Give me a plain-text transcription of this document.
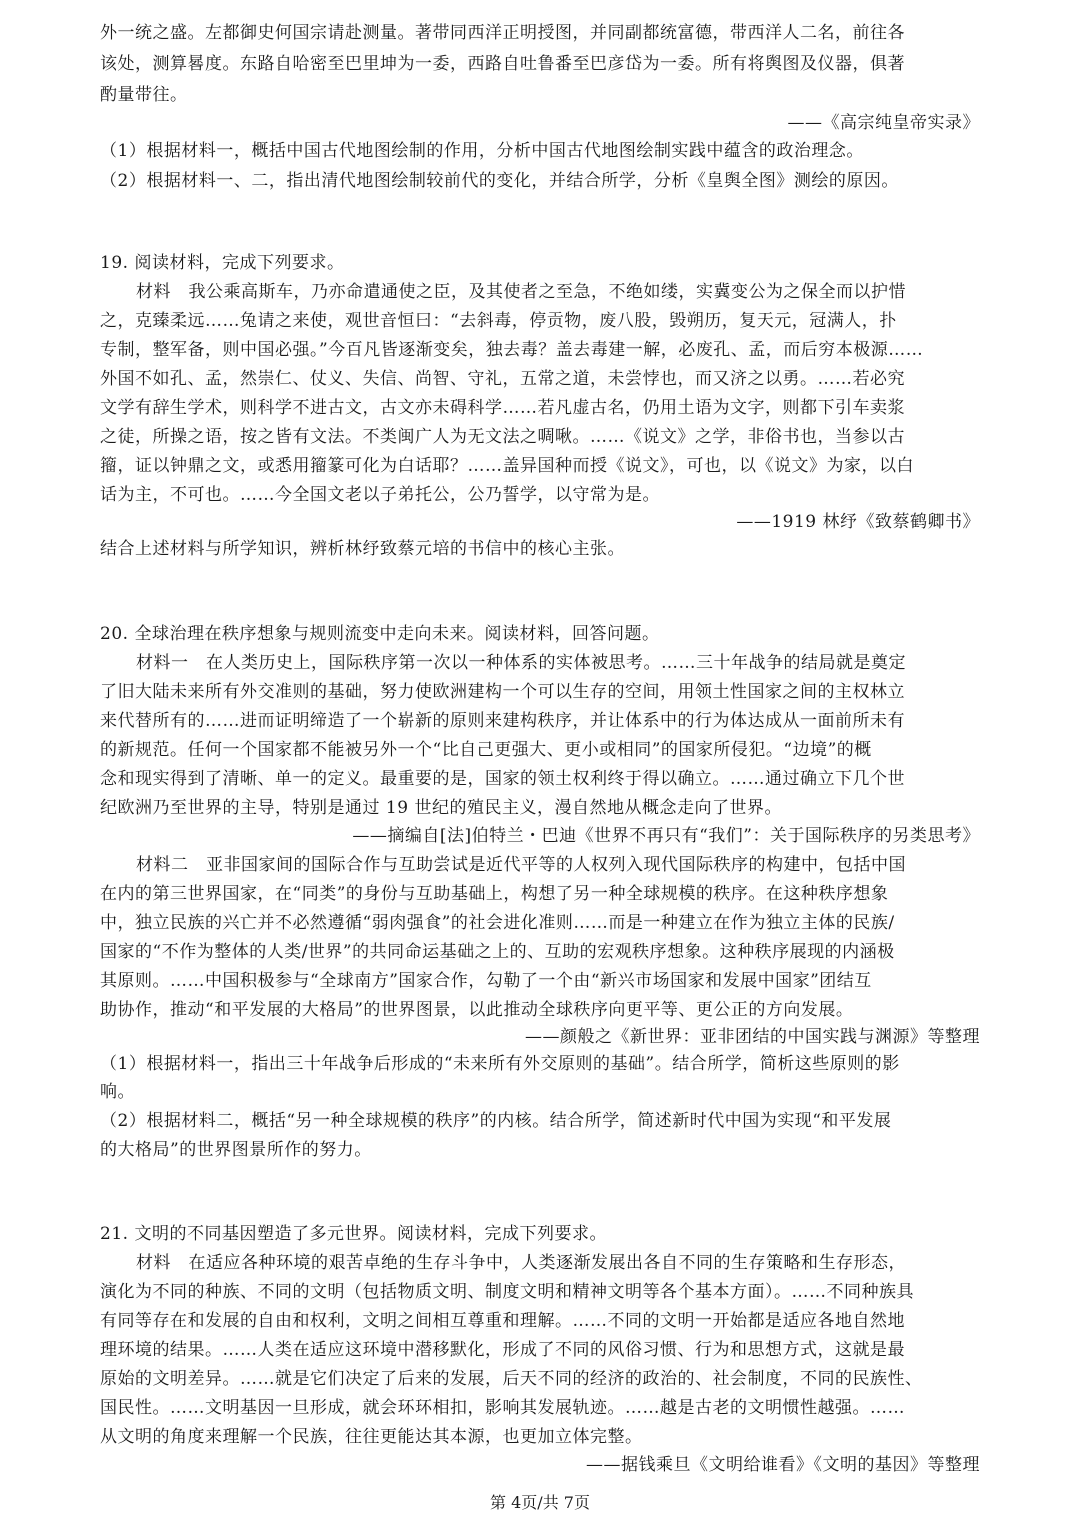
外一统之盛。左都御史何国宗请赴测量。著带同西洋正明授图，并同副都统富德，带西洋人二名，前往各
该处，测算晷度。东路自哈密至巴里坤为一委，西路自吐鲁番至巴彦岱为一委。所有将舆图及仪器，俱著
酌量带往。
——《高宗纯皇帝实录》
（1）根据材料一，概括中国古代地图绘制的作用，分析中国古代地图绘制实践中蕴含的政治理念。
（2）根据材料一、二，指出清代地图绘制较前代的变化，并结合所学，分析《皇舆全图》测绘的原因。
19. 阅读材料，完成下列要求。
材料　我公乘高斯车，乃亦命遣通使之臣，及其使者之至急，不绝如缕，实冀变公为之保全而以护惜
之，克臻柔远……兔请之来使，观世音恒曰：“去斜毒，停贡物，废八股，毁朔历，复天元，冠满人，扑
专制，整军备，则中国必强。”今百凡皆逐渐变矣，独去毒？盖去毒建一解，必废孔、孟，而后穷本极源……
外国不如孔、孟，然崇仁、仗义、失信、尚智、守礼，五常之道，未尝悖也，而又济之以勇。……若必究
文学有辞生学术，则科学不进古文，古文亦未碍科学……若凡虚古名，仍用土语为文字，则都下引车卖浆
之徒，所操之语，按之皆有文法。不类闽广人为无文法之啁啾。……《说文》之学，非俗书也，当参以古
籀，证以钟鼎之文，或悉用籀篆可化为白话耶？……盖异国种而授《说文》，可也，以《说文》为家，以白
话为主，不可也。……今全国文老以子弟托公，公乃誓学，以守常为是。
——1919 林纾《致蔡鹤卿书》
结合上述材料与所学知识，辨析林纾致蔡元培的书信中的核心主张。
20. 全球治理在秩序想象与规则流变中走向未来。阅读材料，回答问题。
材料一　在人类历史上，国际秩序第一次以一种体系的实体被思考。……三十年战争的结局就是奠定
了旧大陆未来所有外交准则的基础，努力使欧洲建构一个可以生存的空间，用领土性国家之间的主权林立
来代替所有的……进而证明缔造了一个崭新的原则来建构秩序，并让体系中的行为体达成从一面前所未有
的新规范。任何一个国家都不能被另外一个“比自己更强大、更小或相同”的国家所侵犯。“边境”的概
念和现实得到了清晰、单一的定义。最重要的是，国家的领土权利终于得以确立。……通过确立下几个世
纪欧洲乃至世界的主导，特别是通过 19 世纪的殖民主义，漫自然地从概念走向了世界。
——摘编自[法]伯特兰・巴迪《世界不再只有“我们”：关于国际秩序的另类思考》
材料二　亚非国家间的国际合作与互助尝试是近代平等的人权列入现代国际秩序的构建中，包括中国
在内的第三世界国家，在“同类”的身份与互助基础上，构想了另一种全球规模的秩序。在这种秩序想象
中，独立民族的兴亡并不必然遵循“弱肉强食”的社会进化准则……而是一种建立在作为独立主体的民族/
国家的“不作为整体的人类/世界”的共同命运基础之上的、互助的宏观秩序想象。这种秩序展现的内涵极
其原则。……中国积极参与“全球南方”国家合作，勾勒了一个由“新兴市场国家和发展中国家”团结互
助协作，推动“和平发展的大格局”的世界图景，以此推动全球秩序向更平等、更公正的方向发展。
——颜般之《新世界：亚非团结的中国实践与渊源》等整理
（1）根据材料一，指出三十年战争后形成的“未来所有外交原则的基础”。结合所学，简析这些原则的影
响。
（2）根据材料二，概括“另一种全球规模的秩序”的内核。结合所学，简述新时代中国为实现“和平发展
的大格局”的世界图景所作的努力。
21. 文明的不同基因塑造了多元世界。阅读材料，完成下列要求。
材料　在适应各种环境的艰苦卓绝的生存斗争中，人类逐渐发展出各自不同的生存策略和生存形态，
演化为不同的种族、不同的文明（包括物质文明、制度文明和精神文明等各个基本方面）。……不同种族具
有同等存在和发展的自由和权利，文明之间相互尊重和理解。……不同的文明一开始都是适应各地自然地
理环境的结果。……人类在适应这环境中潜移默化，形成了不同的风俗习惯、行为和思想方式，这就是最
原始的文明差异。……就是它们决定了后来的发展，后天不同的经济的政治的、社会制度，不同的民族性、
国民性。……文明基因一旦形成，就会环环相扣，影响其发展轨迹。……越是古老的文明惯性越强。……
从文明的角度来理解一个民族，往往更能达其本源，也更加立体完整。
——据钱乘旦《文明给谁看》《文明的基因》等整理
第 4页/共 7页
